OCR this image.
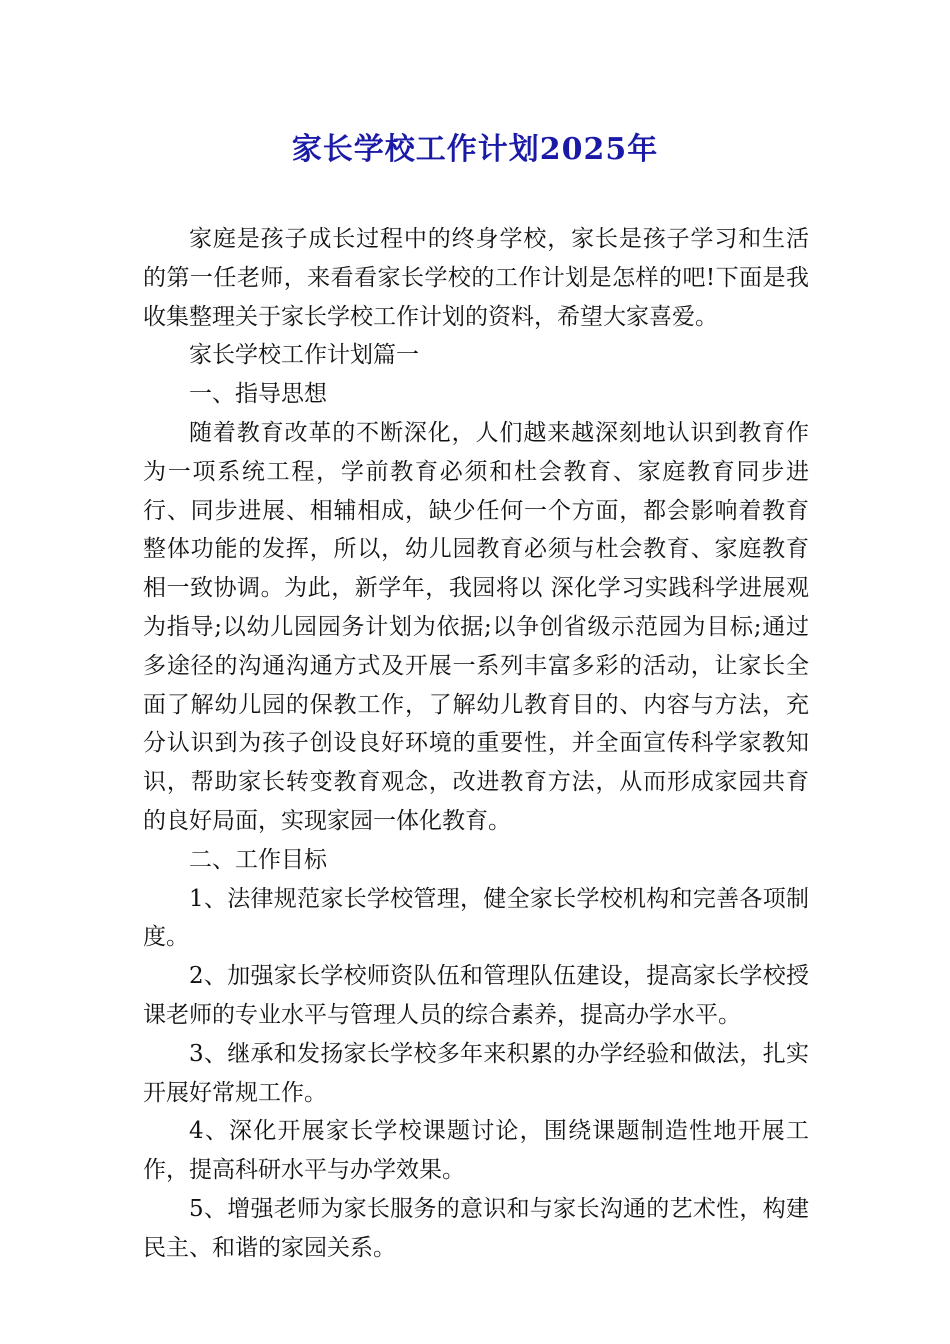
家长学校工作计划2025年

家庭是孩子成长过程中的终身学校，家长是孩子学习和生活的第一任老师，来看看家长学校的工作计划是怎样的吧!下面是我收集整理关于家长学校工作计划的资料，希望大家喜爱。

家长学校工作计划篇一

一、指导思想

随着教育改革的不断深化，人们越来越深刻地认识到教育作为一项系统工程，学前教育必须和杜会教育、家庭教育同步进行、同步进展、相辅相成，缺少任何一个方面，都会影响着教育整体功能的发挥，所以，幼儿园教育必须与杜会教育、家庭教育相一致协调。为此，新学年，我园将以 深化学习实践科学进展观 为指导;以幼儿园园务计划为依据;以争创省级示范园为目标;通过多途径的沟通沟通方式及开展一系列丰富多彩的活动，让家长全面了解幼儿园的保教工作，了解幼儿教育目的、内容与方法，充分认识到为孩子创设良好环境的重要性，并全面宣传科学家教知识，帮助家长转变教育观念，改进教育方法，从而形成家园共育的良好局面，实现家园一体化教育。

二、工作目标

1、法律规范家长学校管理，健全家长学校机构和完善各项制度。

2、加强家长学校师资队伍和管理队伍建设，提高家长学校授课老师的专业水平与管理人员的综合素养，提高办学水平。

3、继承和发扬家长学校多年来积累的办学经验和做法，扎实开展好常规工作。

4、深化开展家长学校课题讨论，围绕课题制造性地开展工作，提高科研水平与办学效果。

5、增强老师为家长服务的意识和与家长沟通的艺术性，构建民主、和谐的家园关系。
